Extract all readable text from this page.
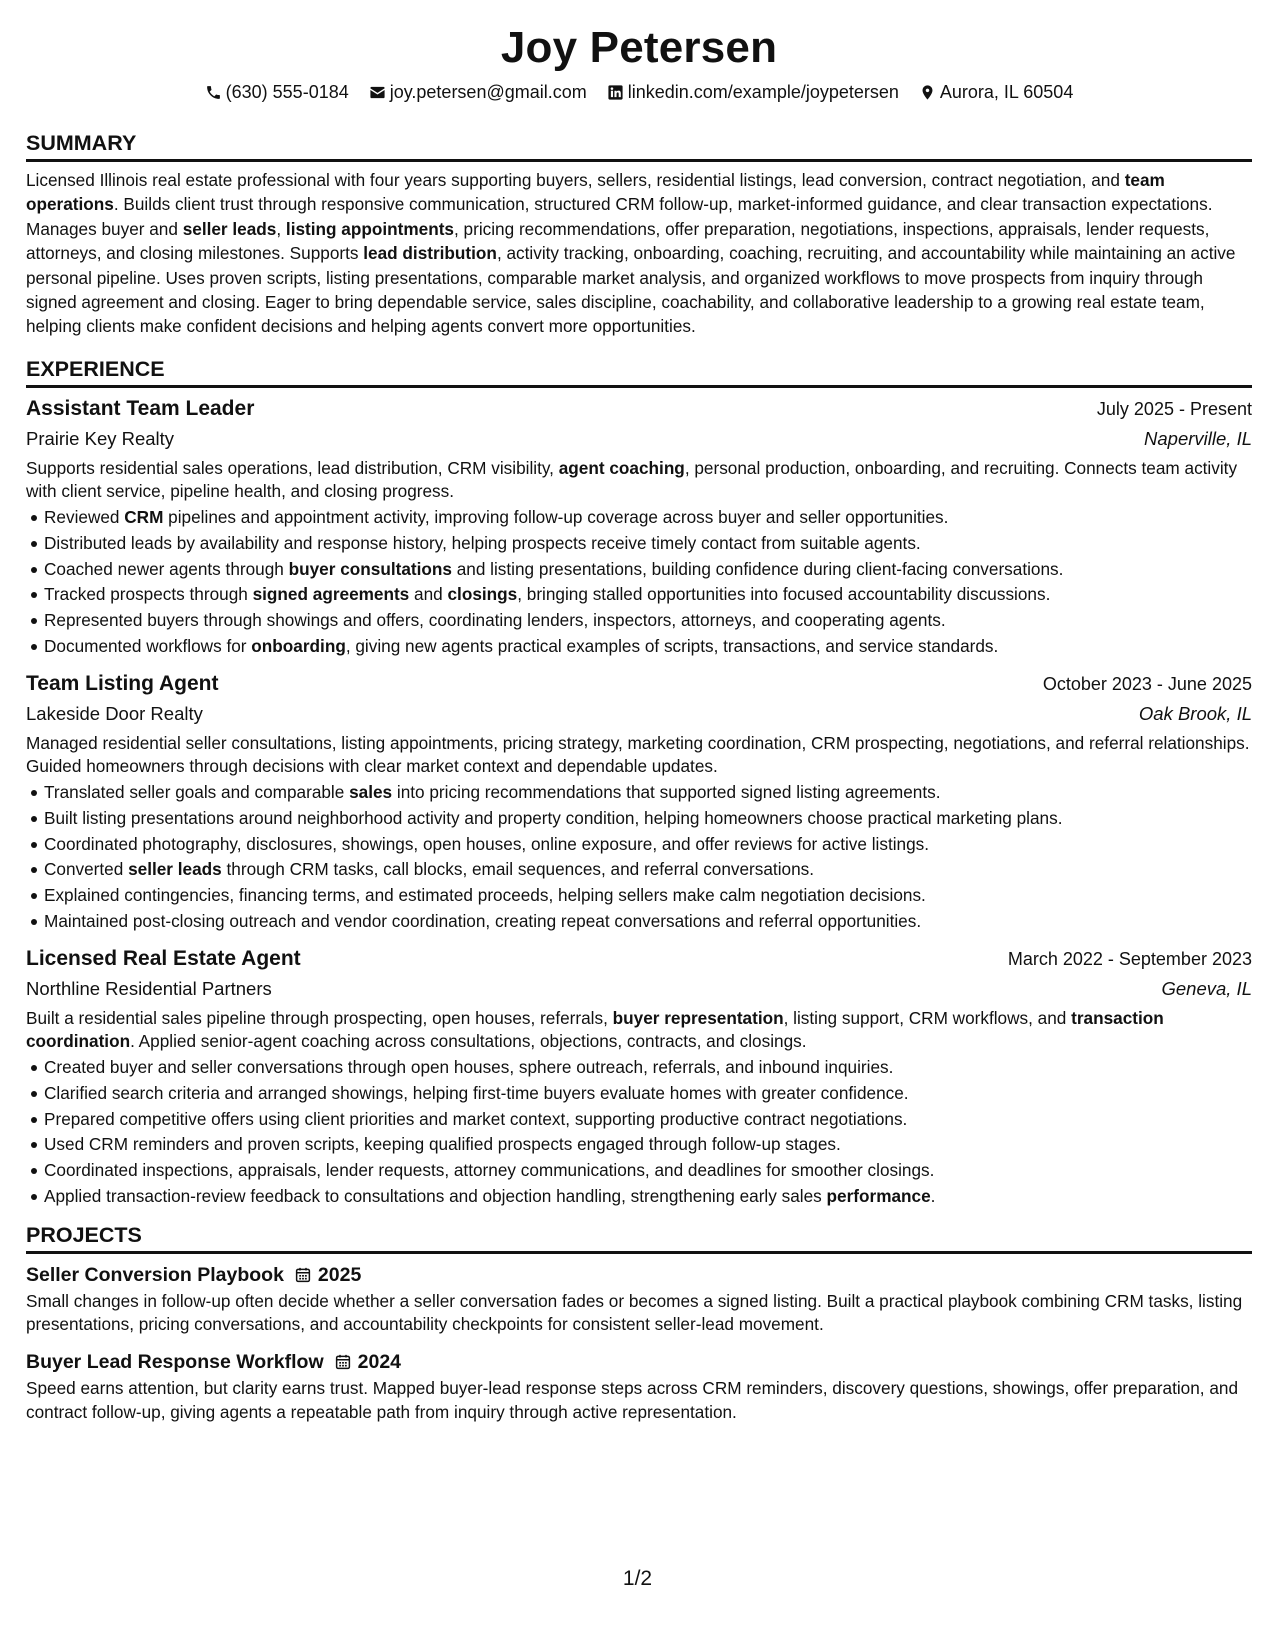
Joy Petersen
(630) 555-0184 joy.petersen@gmail.com linkedin.com/example/joypetersen Aurora, IL 60504
SUMMARY
Licensed Illinois real estate professional with four years supporting buyers, sellers, residential listings, lead conversion, contract negotiation, and team operations. Builds client trust through responsive communication, structured CRM follow-up, market-informed guidance, and clear transaction expectations. Manages buyer and seller leads, listing appointments, pricing recommendations, offer preparation, negotiations, inspections, appraisals, lender requests, attorneys, and closing milestones. Supports lead distribution, activity tracking, onboarding, coaching, recruiting, and accountability while maintaining an active personal pipeline. Uses proven scripts, listing presentations, comparable market analysis, and organized workflows to move prospects from inquiry through signed agreement and closing. Eager to bring dependable service, sales discipline, coachability, and collaborative leadership to a growing real estate team, helping clients make confident decisions and helping agents convert more opportunities.
EXPERIENCE
Assistant Team Leader	July 2025 - Present
Prairie Key Realty	Naperville, IL
Supports residential sales operations, lead distribution, CRM visibility, agent coaching, personal production, onboarding, and recruiting. Connects team activity with client service, pipeline health, and closing progress.
Reviewed CRM pipelines and appointment activity, improving follow-up coverage across buyer and seller opportunities.
Distributed leads by availability and response history, helping prospects receive timely contact from suitable agents.
Coached newer agents through buyer consultations and listing presentations, building confidence during client-facing conversations.
Tracked prospects through signed agreements and closings, bringing stalled opportunities into focused accountability discussions.
Represented buyers through showings and offers, coordinating lenders, inspectors, attorneys, and cooperating agents.
Documented workflows for onboarding, giving new agents practical examples of scripts, transactions, and service standards.
Team Listing Agent	October 2023 - June 2025
Lakeside Door Realty	Oak Brook, IL
Managed residential seller consultations, listing appointments, pricing strategy, marketing coordination, CRM prospecting, negotiations, and referral relationships. Guided homeowners through decisions with clear market context and dependable updates.
Translated seller goals and comparable sales into pricing recommendations that supported signed listing agreements.
Built listing presentations around neighborhood activity and property condition, helping homeowners choose practical marketing plans.
Coordinated photography, disclosures, showings, open houses, online exposure, and offer reviews for active listings.
Converted seller leads through CRM tasks, call blocks, email sequences, and referral conversations.
Explained contingencies, financing terms, and estimated proceeds, helping sellers make calm negotiation decisions.
Maintained post-closing outreach and vendor coordination, creating repeat conversations and referral opportunities.
Licensed Real Estate Agent	March 2022 - September 2023
Northline Residential Partners	Geneva, IL
Built a residential sales pipeline through prospecting, open houses, referrals, buyer representation, listing support, CRM workflows, and transaction coordination. Applied senior-agent coaching across consultations, objections, contracts, and closings.
Created buyer and seller conversations through open houses, sphere outreach, referrals, and inbound inquiries.
Clarified search criteria and arranged showings, helping first-time buyers evaluate homes with greater confidence.
Prepared competitive offers using client priorities and market context, supporting productive contract negotiations.
Used CRM reminders and proven scripts, keeping qualified prospects engaged through follow-up stages.
Coordinated inspections, appraisals, lender requests, attorney communications, and deadlines for smoother closings.
Applied transaction-review feedback to consultations and objection handling, strengthening early sales performance.
PROJECTS
Seller Conversion Playbook 2025
Small changes in follow-up often decide whether a seller conversation fades or becomes a signed listing. Built a practical playbook combining CRM tasks, listing presentations, pricing conversations, and accountability checkpoints for consistent seller-lead movement.
Buyer Lead Response Workflow 2024
Speed earns attention, but clarity earns trust. Mapped buyer-lead response steps across CRM reminders, discovery questions, showings, offer preparation, and contract follow-up, giving agents a repeatable path from inquiry through active representation.
1/2
